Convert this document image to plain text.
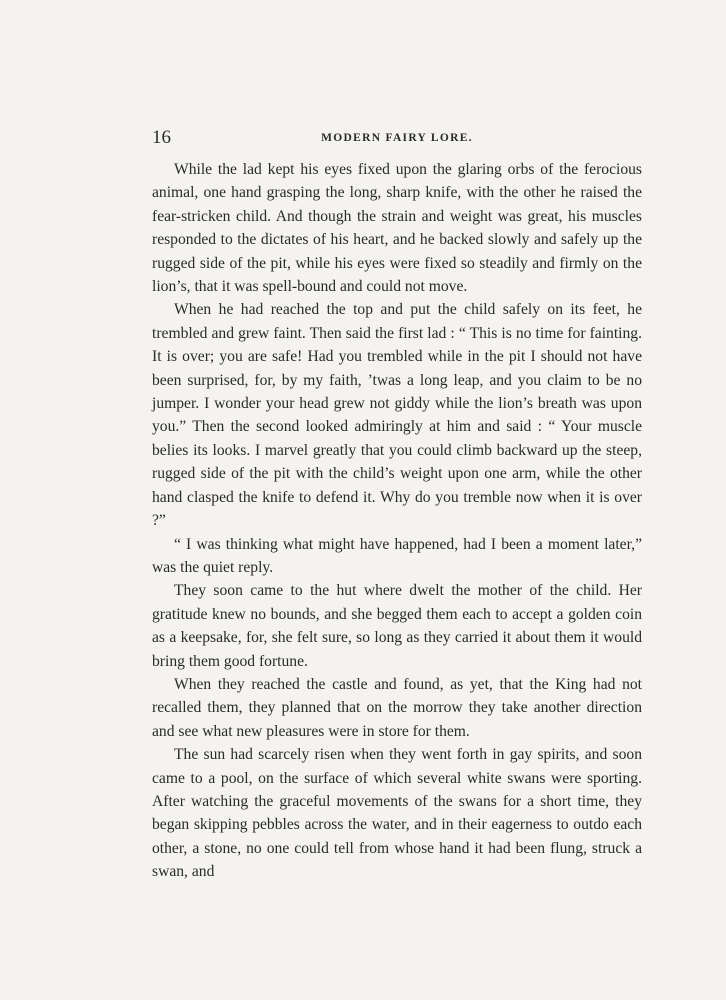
16	MODERN FAIRY LORE.

While the lad kept his eyes fixed upon the glaring orbs of the ferocious animal, one hand grasping the long, sharp knife, with the other he raised the fear-stricken child. And though the strain and weight was great, his muscles responded to the dictates of his heart, and he backed slowly and safely up the rugged side of the pit, while his eyes were fixed so steadily and firmly on the lion’s, that it was spell-bound and could not move.

When he had reached the top and put the child safely on its feet, he trembled and grew faint. Then said the first lad : “ This is no time for fainting. It is over; you are safe! Had you trembled while in the pit I should not have been surprised, for, by my faith, ’twas a long leap, and you claim to be no jumper. I wonder your head grew not giddy while the lion’s breath was upon you.” Then the second looked admiringly at him and said : “ Your muscle belies its looks. I marvel greatly that you could climb backward up the steep, rugged side of the pit with the child’s weight upon one arm, while the other hand clasped the knife to defend it. Why do you tremble now when it is over ?”

“ I was thinking what might have happened, had I been a moment later,” was the quiet reply.

They soon came to the hut where dwelt the mother of the child. Her gratitude knew no bounds, and she begged them each to accept a golden coin as a keepsake, for, she felt sure, so long as they carried it about them it would bring them good fortune.

When they reached the castle and found, as yet, that the King had not recalled them, they planned that on the morrow they take another direction and see what new pleasures were in store for them.

The sun had scarcely risen when they went forth in gay spirits, and soon came to a pool, on the surface of which several white swans were sporting. After watching the graceful movements of the swans for a short time, they began skipping pebbles across the water, and in their eagerness to outdo each other, a stone, no one could tell from whose hand it had been flung, struck a swan, and
